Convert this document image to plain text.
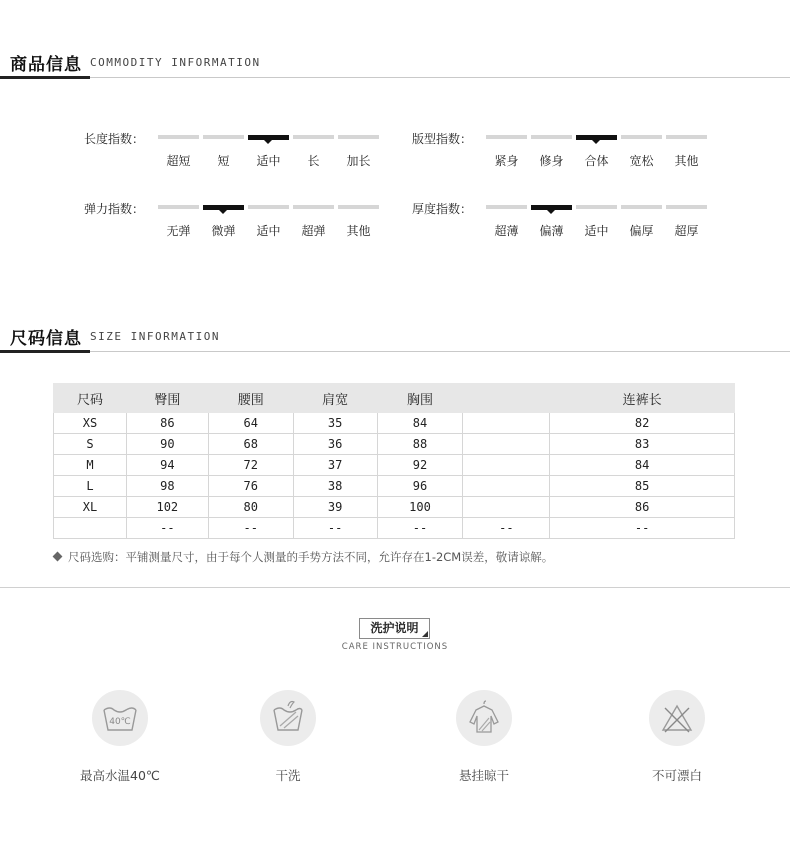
商品信息 COMMODITY INFORMATION
长度指数：
超短	短	适中	长	加长
版型指数：
紧身	修身	合体	宽松	其他
弹力指数：
无弹	微弹	适中	超弹	其他
厚度指数：
超薄	偏薄	适中	偏厚	超厚
尺码信息 SIZE INFORMATION
尺码	臀围	腰围	肩宽	胸围		连裤长
XS	86	64	35	84		82
S	90	68	36	88		83
M	94	72	37	92		84
L	98	76	38	96		85
XL	102	80	39	100		86
	--	--	--	--	--	--
尺码选购：平铺测量尺寸，由于每个人测量的手势方法不同，允许存在1-2CM误差，敬请谅解。
洗护说明
CARE INSTRUCTIONS
40℃
最高水温40℃	干洗	悬挂晾干	不可漂白
